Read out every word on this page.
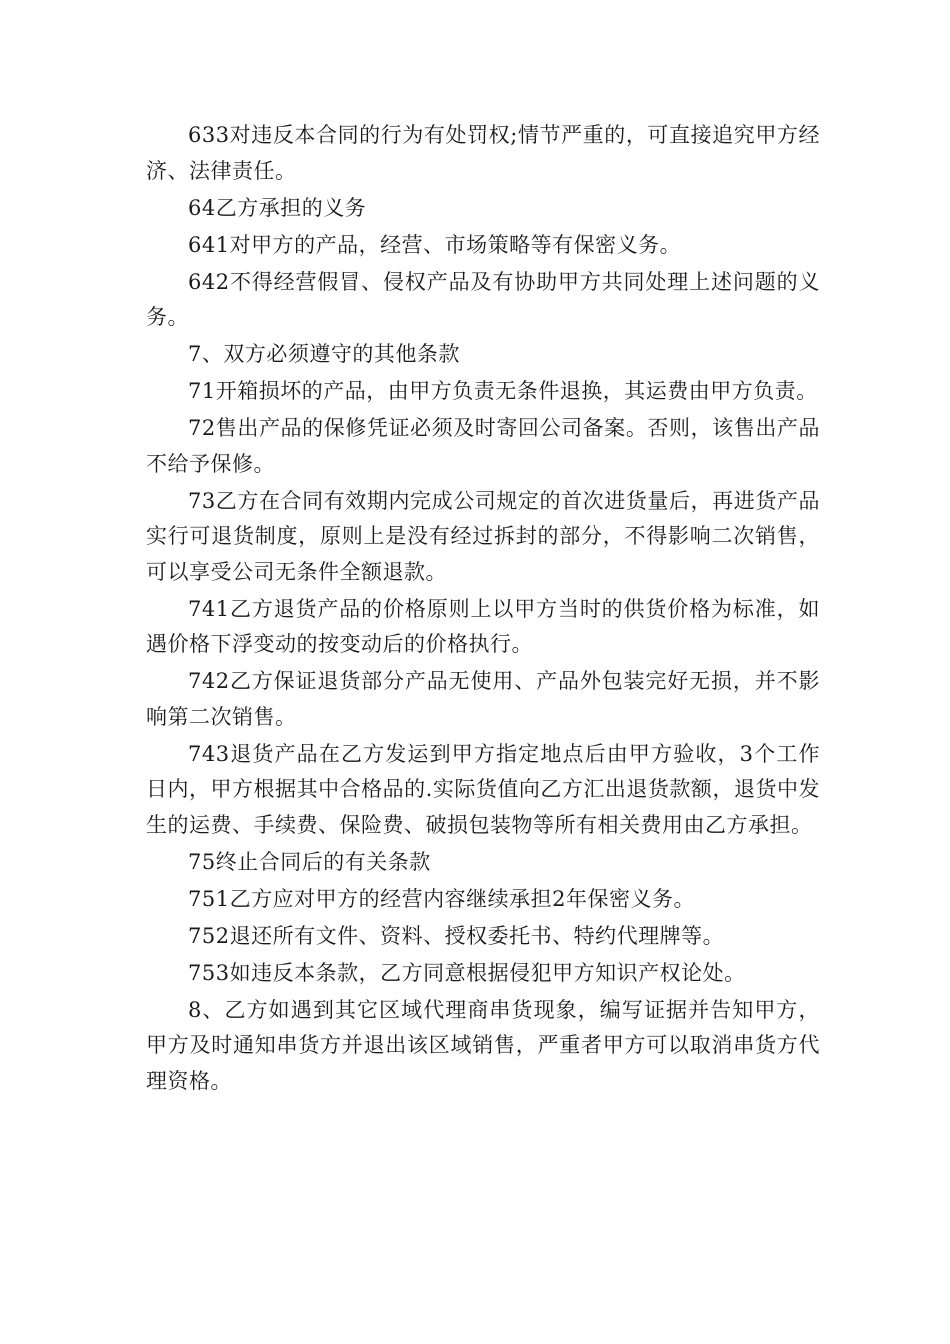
633对违反本合同的行为有处罚权;情节严重的，可直接追究甲方经济、法律责任。

64乙方承担的义务

641对甲方的产品，经营、市场策略等有保密义务。

642不得经营假冒、侵权产品及有协助甲方共同处理上述问题的义务。

7、双方必须遵守的其他条款

71开箱损坏的产品，由甲方负责无条件退换，其运费由甲方负责。

72售出产品的保修凭证必须及时寄回公司备案。否则，该售出产品不给予保修。

73乙方在合同有效期内完成公司规定的首次进货量后，再进货产品实行可退货制度，原则上是没有经过拆封的部分，不得影响二次销售，可以享受公司无条件全额退款。

741乙方退货产品的价格原则上以甲方当时的供货价格为标准，如遇价格下浮变动的按变动后的价格执行。

742乙方保证退货部分产品无使用、产品外包装完好无损，并不影响第二次销售。

743退货产品在乙方发运到甲方指定地点后由甲方验收，3个工作日内，甲方根据其中合格品的.实际货值向乙方汇出退货款额，退货中发生的运费、手续费、保险费、破损包装物等所有相关费用由乙方承担。

75终止合同后的有关条款

751乙方应对甲方的经营内容继续承担2年保密义务。

752退还所有文件、资料、授权委托书、特约代理牌等。

753如违反本条款，乙方同意根据侵犯甲方知识产权论处。

8、乙方如遇到其它区域代理商串货现象，编写证据并告知甲方，甲方及时通知串货方并退出该区域销售，严重者甲方可以取消串货方代理资格。
